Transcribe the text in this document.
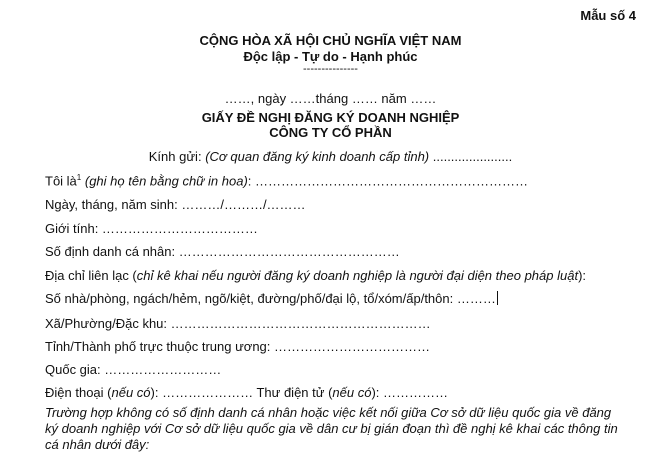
Mẫu số 4
CỘNG HÒA XÃ HỘI CHỦ NGHĨA VIỆT NAM
Độc lập - Tự do - Hạnh phúc
---------------
……, ngày ……tháng …… năm ……
GIẤY ĐỀ NGHỊ ĐĂNG KÝ DOANH NGHIỆP
CÔNG TY CỔ PHẦN
Kính gửi: (Cơ quan đăng ký kinh doanh cấp tỉnh) ......................
Tôi $là^1$ (ghi họ tên bằng chữ in hoa): ………………………………………………………
Ngày, tháng, năm sinh: ………/………/………
Giới tính: ………………………………
Số định danh cá nhân: ……………………………………………
Địa chỉ liên lạc (chỉ kê khai nếu người đăng ký doanh nghiệp là người đại diện theo pháp luật):
Số nhà/phòng, ngách/hẻm, ngõ/kiệt, đường/phố/đại lộ, tổ/xóm/ấp/thôn: ………
Xã/Phường/Đặc khu: ……………………………………………………
Tỉnh/Thành phố trực thuộc trung ương: ………………………………
Quốc gia: ………………………
Điện thoại (nếu có): ………………… Thư điện tử (nếu có): ……………
Trường hợp không có số định danh cá nhân hoặc việc kết nối giữa Cơ sở dữ liệu quốc gia về đăng ký doanh nghiệp với Cơ sở dữ liệu quốc gia về dân cư bị gián đoạn thì đề nghị kê khai các thông tin cá nhân dưới đây:
